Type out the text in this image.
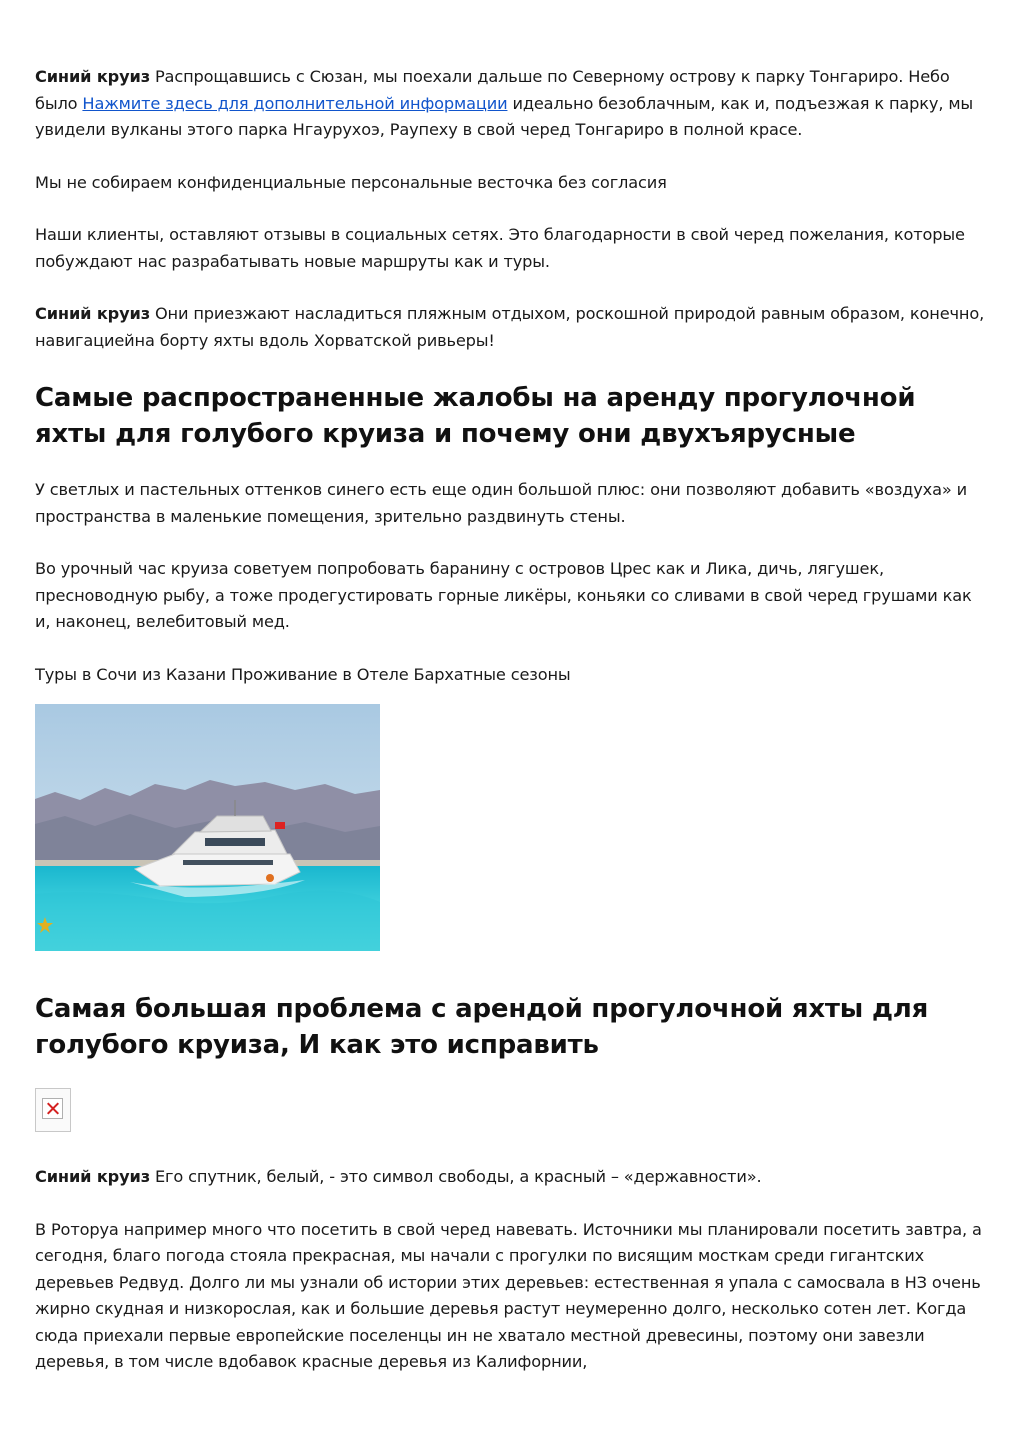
Синий круиз Распрощавшись с Сюзан, мы поехали дальше по Северному острову к парку Тонгариро. Небо было Нажмите здесь для дополнительной информации идеально безоблачным, как и, подъезжая к парку, мы увидели вулканы этого парка Нгаурухоэ, Раупеху в свой черед Тонгариро в полной красе.

Мы не собираем конфиденциальные персональные весточка без согласия

Наши клиенты, оставляют отзывы в социальных сетях. Это благодарности в свой черед пожелания, которые побуждают нас разрабатывать новые маршруты как и туры.

Синий круиз Они приезжают насладиться пляжным отдыхом, роскошной природой равным образом, конечно, навигациейна борту яхты вдоль Хорватской ривьеры!

Самые распространенные жалобы на аренду прогулочной яхты для голубого круиза и почему они двухъярусные

У светлых и пастельных оттенков синего есть еще один большой плюс: они позволяют добавить «воздуха» и пространства в маленькие помещения, зрительно раздвинуть стены.

Во урочный час круиза советуем попробовать баранину с островов Црес как и Лика, дичь, лягушек, пресноводную рыбу, а тоже продегустировать горные ликёры, коньяки со сливами в свой черед грушами как и, наконец, велебитовый мед.

Туры в Сочи из Казани Проживание в Отеле Бархатные сезоны

Самая большая проблема с арендой прогулочной яхты для голубого круиза, И как это исправить

Синий круиз Его спутник, белый, - это символ свободы, а красный – «державности».

В Роторуа например много что посетить в свой черед навевать. Источники мы планировали посетить завтра, а сегодня, благо погода стояла прекрасная, мы начали с прогулки по висящим мосткам среди гигантских деревьев Редвуд. Долго ли мы узнали об истории этих деревьев: естественная я упала с самосвала в НЗ очень жирно скудная и низкорослая, как и большие деревья растут неумеренно долго, несколько сотен лет. Когда сюда приехали первые европейские поселенцы ин не хватало местной древесины, поэтому они завезли деревья, в том числе вдобавок красные деревья из Калифорнии,
